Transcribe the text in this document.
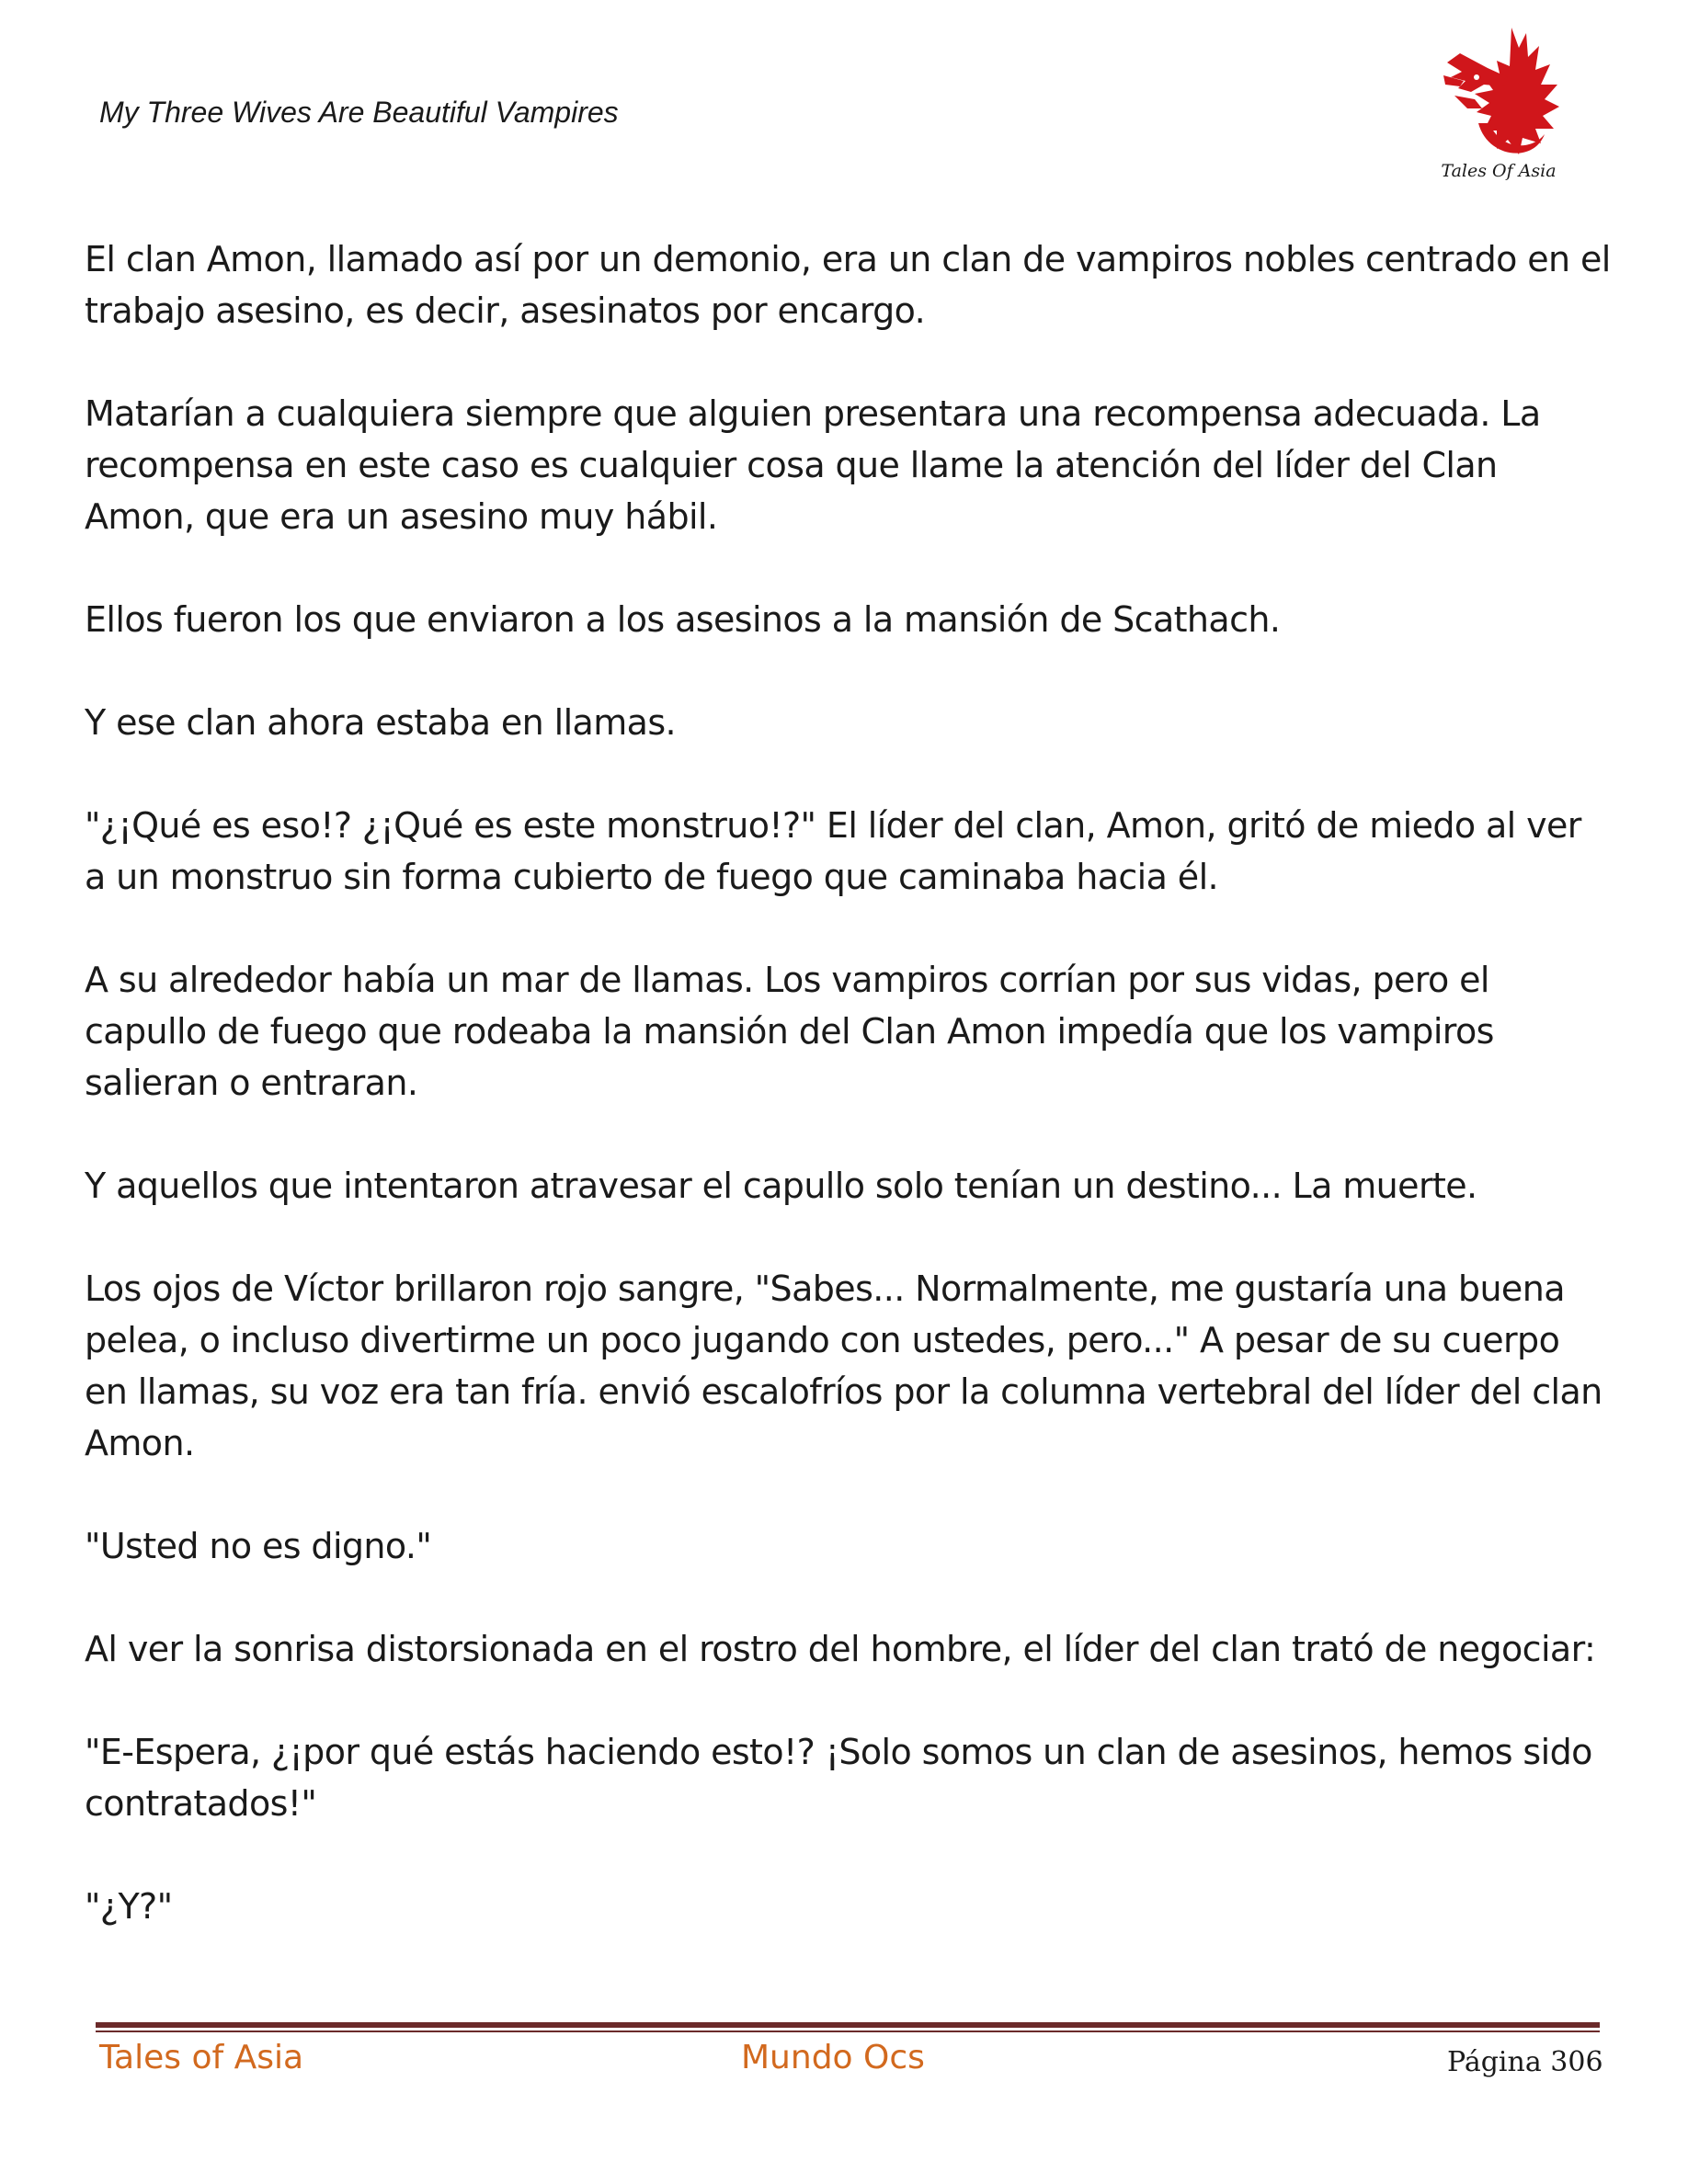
My Three Wives Are Beautiful Vampires
Tales Of Asia

El clan Amon, llamado así por un demonio, era un clan de vampiros nobles centrado en el trabajo asesino, es decir, asesinatos por encargo.

Matarían a cualquiera siempre que alguien presentara una recompensa adecuada. La recompensa en este caso es cualquier cosa que llame la atención del líder del Clan Amon, que era un asesino muy hábil.

Ellos fueron los que enviaron a los asesinos a la mansión de Scathach.

Y ese clan ahora estaba en llamas.

"¿¡Qué es eso!? ¿¡Qué es este monstruo!?" El líder del clan, Amon, gritó de miedo al ver a un monstruo sin forma cubierto de fuego que caminaba hacia él.

A su alrededor había un mar de llamas. Los vampiros corrían por sus vidas, pero el capullo de fuego que rodeaba la mansión del Clan Amon impedía que los vampiros salieran o entraran.

Y aquellos que intentaron atravesar el capullo solo tenían un destino... La muerte.

Los ojos de Víctor brillaron rojo sangre, "Sabes... Normalmente, me gustaría una buena pelea, o incluso divertirme un poco jugando con ustedes, pero..." A pesar de su cuerpo en llamas, su voz era tan fría. envió escalofríos por la columna vertebral del líder del clan Amon.

"Usted no es digno."

Al ver la sonrisa distorsionada en el rostro del hombre, el líder del clan trató de negociar:

"E-Espera, ¿¡por qué estás haciendo esto!? ¡Solo somos un clan de asesinos, hemos sido contratados!"

"¿Y?"

Tales of Asia	Mundo Ocs	Página 306
